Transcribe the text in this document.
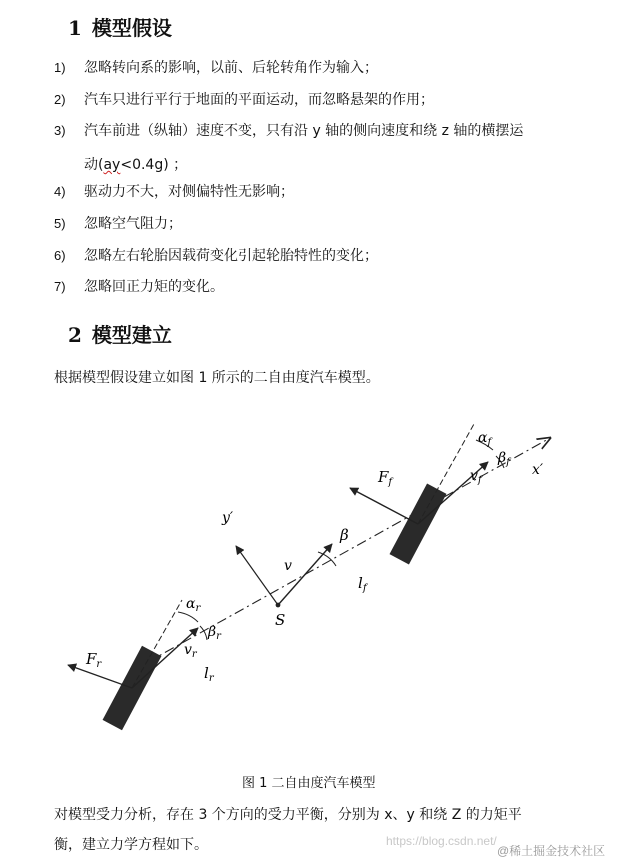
1 模型假设
1) 忽略转向系的影响，以前、后轮转角作为输入；
2) 汽车只进行平行于地面的平面运动，而忽略悬架的作用；
3) 汽车前进（纵轴）速度不变，只有沿 y 轴的侧向速度和绕 z 轴的横摆运
4) 驱动力不大，对侧偏特性无影响；
5) 忽略空气阻力；
6) 忽略左右轮胎因载荷变化引起轮胎特性的变化；
7) 忽略回正力矩的变化。
动(ay<0.4g) ；
2 模型建立
根据模型假设建立如图 1 所示的二自由度汽车模型。
$\alpha_f$
$\beta_f$
$v_f$
x′
$F_f$
y′
β
v
$l_f$
S
$\alpha_r$
$\beta_r$
$v_r$
$F_r$	$l_r$
图 1 二自由度汽车模型
对模型受力分析，存在 3 个方向的受力平衡，分别为 x、y 和绕 Z 的力矩平
衡，建立力学方程如下。	https://blog.csdn.net/
@稀土掘金技术社区
